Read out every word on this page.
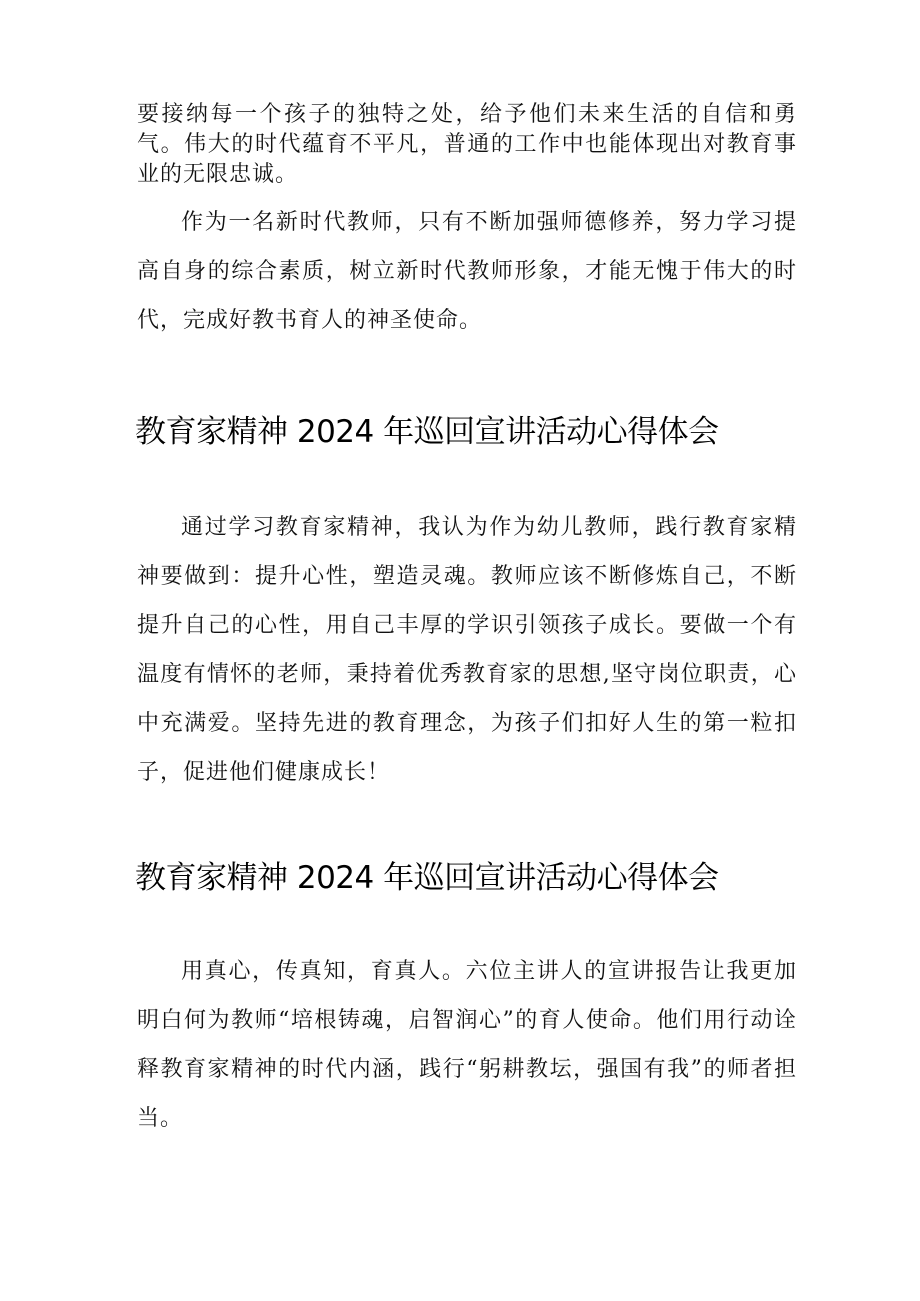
要接纳每一个孩子的独特之处，给予他们未来生活的自信和勇气。伟大的时代蕴育不平凡，普通的工作中也能体现出对教育事业的无限忠诚。

作为一名新时代教师，只有不断加强师德修养，努力学习提高自身的综合素质，树立新时代教师形象，才能无愧于伟大的时代，完成好教书育人的神圣使命。

教育家精神 2024 年巡回宣讲活动心得体会

通过学习教育家精神，我认为作为幼儿教师，践行教育家精神要做到：提升心性，塑造灵魂。教师应该不断修炼自己，不断提升自己的心性，用自己丰厚的学识引领孩子成长。要做一个有温度有情怀的老师，秉持着优秀教育家的思想,坚守岗位职责，心中充满爱。坚持先进的教育理念，为孩子们扣好人生的第一粒扣子，促进他们健康成长！

教育家精神 2024 年巡回宣讲活动心得体会

用真心，传真知，育真人。六位主讲人的宣讲报告让我更加明白何为教师“培根铸魂，启智润心”的育人使命。他们用行动诠释教育家精神的时代内涵，践行“躬耕教坛，强国有我”的师者担当。
